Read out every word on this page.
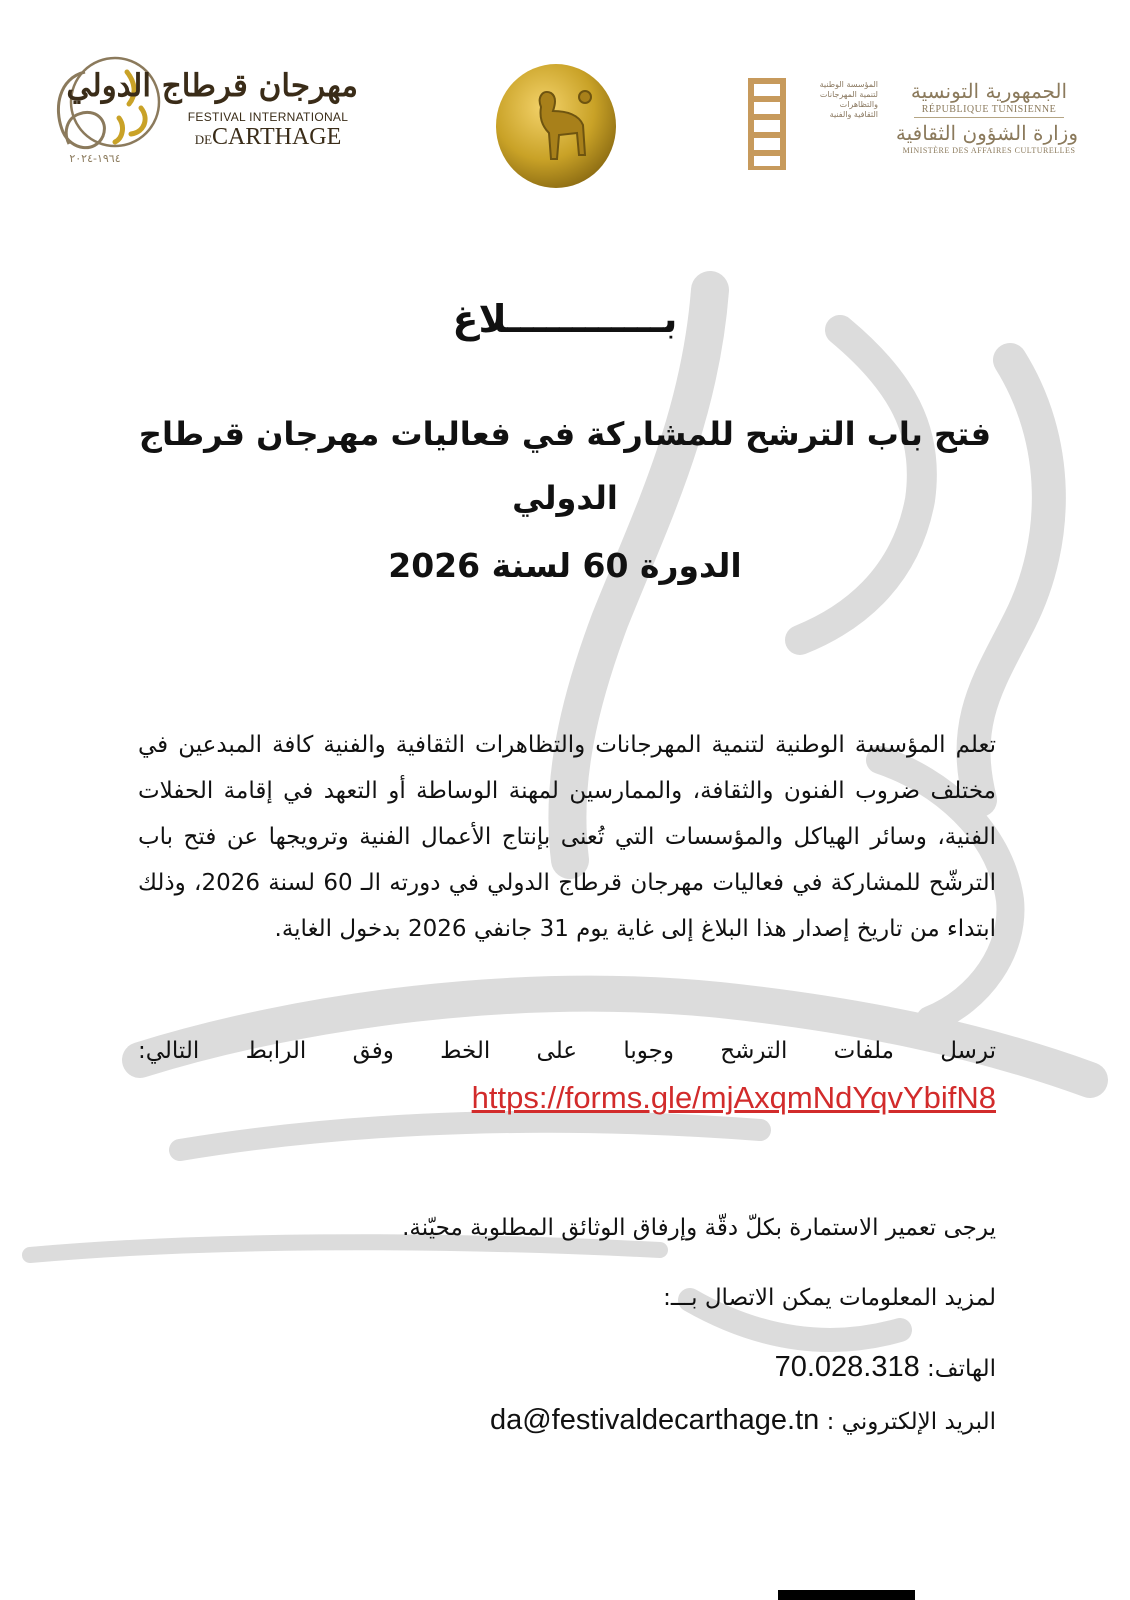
١٩٦٤-٢٠٢٤
مهرجان قرطاج الدولي
FESTIVAL INTERNATIONAL
DECARTHAGE
المؤسسة الوطنية
لتنمية المهرجانات
والتظاهرات
الثقافية والفنية
الجمهورية التونسية
RÉPUBLIQUE TUNISIENNE
وزارة الشؤون الثقافية
MINISTÈRE DES AFFAIRES CULTURELLES
بــــــــــــلاغ
فتح باب الترشح للمشاركة في فعاليات مهرجان قرطاج
الدولي
الدورة 60 لسنة 2026
تعلم المؤسسة الوطنية لتنمية المهرجانات والتظاهرات الثقافية والفنية كافة المبدعين في مختلف ضروب الفنون والثقافة، والممارسين لمهنة الوساطة أو التعهد في إقامة الحفلات الفنية، وسائر الهياكل والمؤسسات التي تُعنى بإنتاج الأعمال الفنية وترويجها عن فتح باب الترشّح للمشاركة في فعاليات مهرجان قرطاج الدولي في دورته الـ 60 لسنة 2026، وذلك ابتداء من تاريخ إصدار هذا البلاغ إلى غاية يوم 31 جانفي 2026 بدخول الغاية.
ترسل ملفات الترشح وجوبا على الخط وفق الرابط التالي:
https://forms.gle/mjAxqmNdYqvYbifN8
يرجى تعمير الاستمارة بكلّ دقّة وإرفاق الوثائق المطلوبة محيّنة.
لمزيد المعلومات يمكن الاتصال بـــ:
الهاتف: 70.028.318
البريد الإلكتروني : da@festivaldecarthage.tn
